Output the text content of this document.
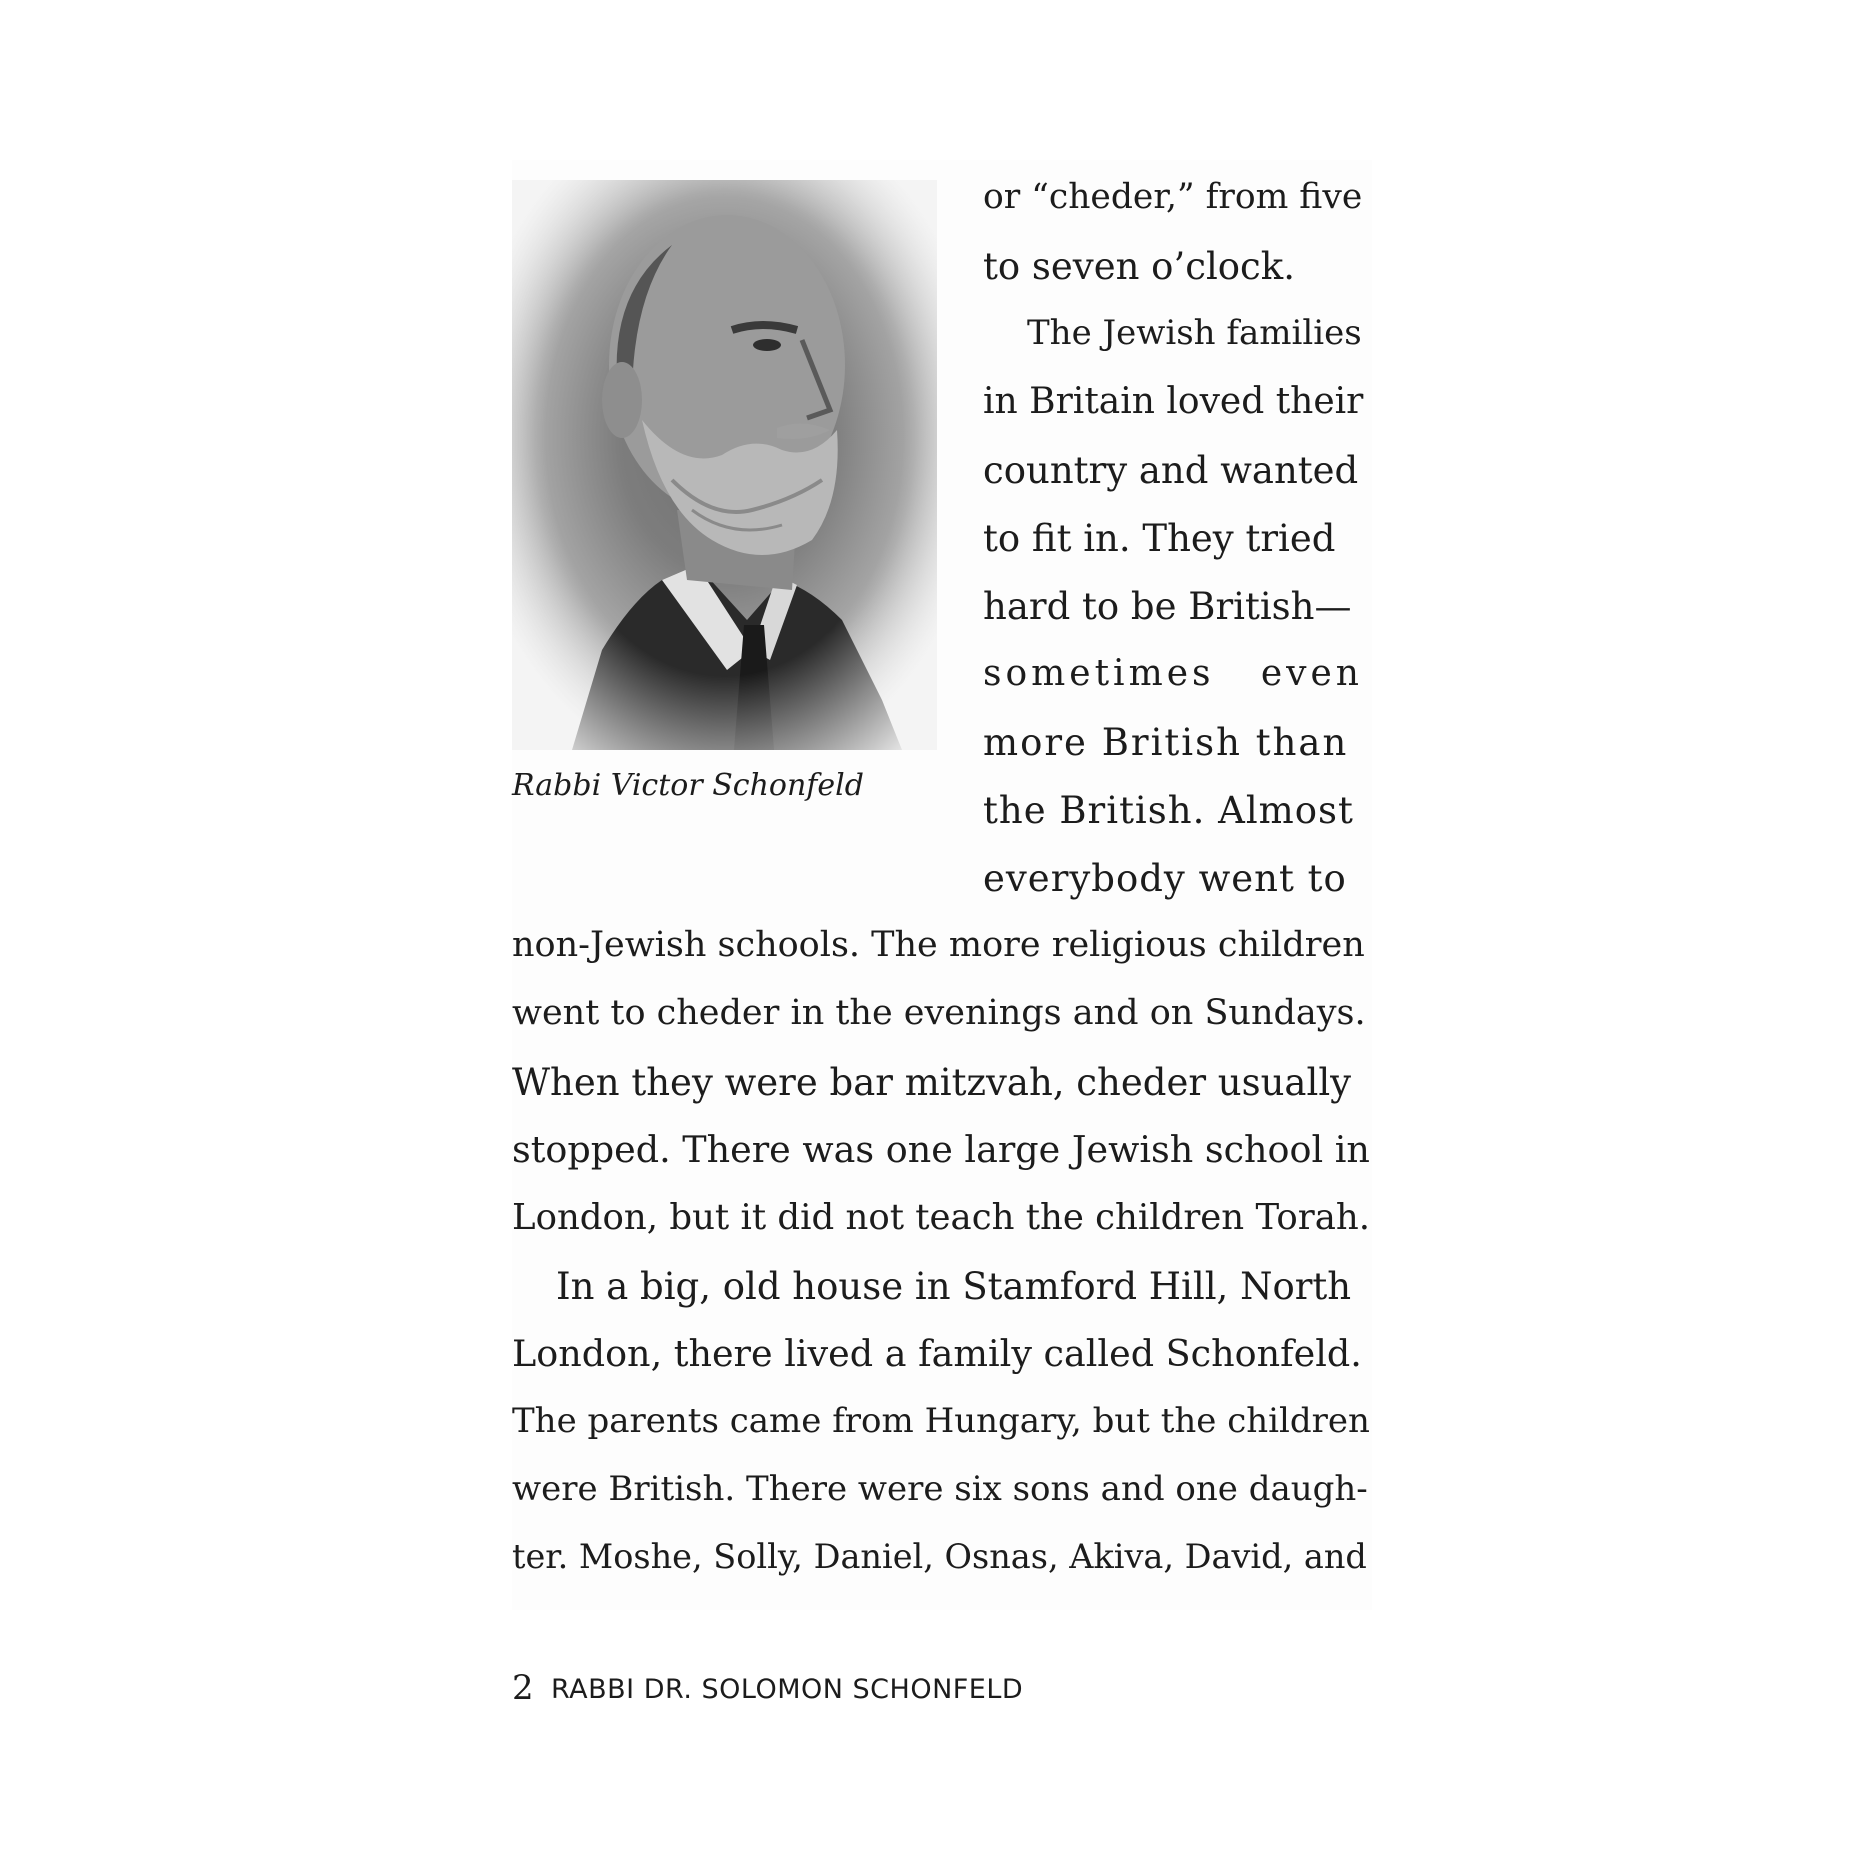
Rabbi Victor Schonfeld
or “cheder,” from five
to seven o’clock.
The Jewish families
in Britain loved their
country and wanted
to fit in. They tried
hard to be British—
sometimes   even
more British than
the British. Almost
everybody went to
non-Jewish schools. The more religious children
went to cheder in the evenings and on Sundays.
When they were bar mitzvah, cheder usually
stopped. There was one large Jewish school in
London, but it did not teach the children Torah.
In a big, old house in Stamford Hill, North
London, there lived a family called Schonfeld.
The parents came from Hungary, but the children
were British. There were six sons and one daugh-
ter. Moshe, Solly, Daniel, Osnas, Akiva, David, and
2 RABBI DR. SOLOMON SCHONFELD
